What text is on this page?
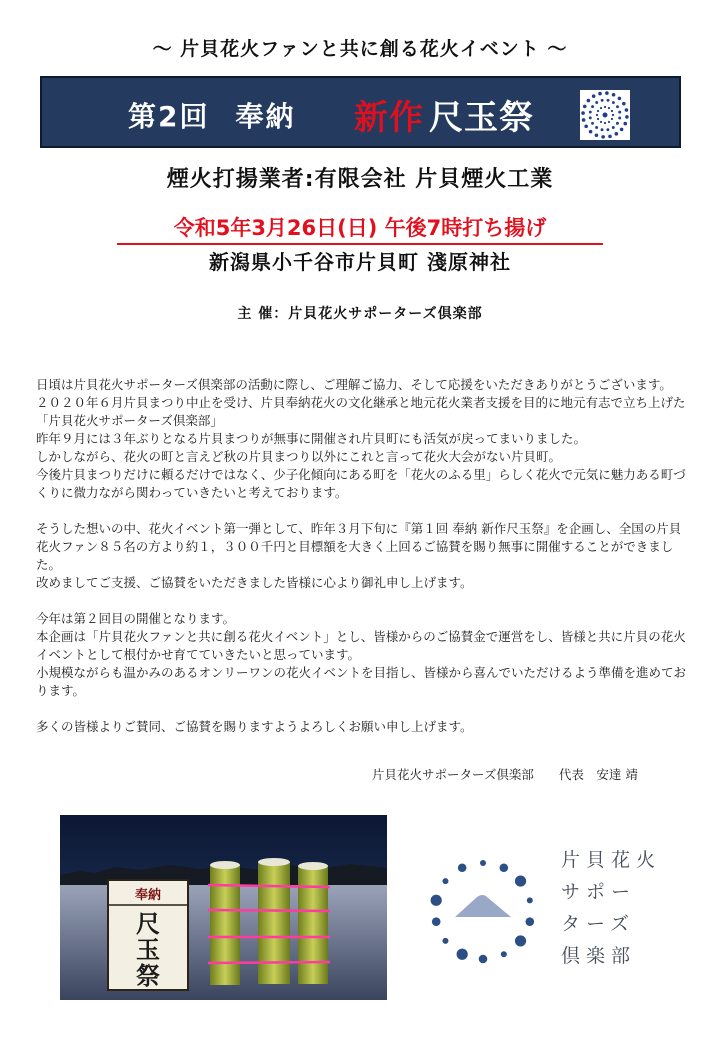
～ 片貝花火ファンと共に創る花火イベント ～
第2回 奉納 新作 尺玉祭
煙火打揚業者:有限会社 片貝煙火工業
令和5年3月26日(日) 午後7時打ち揚げ
新潟県小千谷市片貝町 淺原神社
主 催：片貝花火サポーターズ倶楽部

日頃は片貝花火サポーターズ倶楽部の活動に際し、ご理解ご協力、そして応援をいただきありがとうございます。

２０２０年６月片貝まつり中止を受け、片貝奉納花火の文化継承と地元花火業者支援を目的に地元有志で立ち上げた「片貝花火サポーターズ倶楽部」

昨年９月には３年ぶりとなる片貝まつりが無事に開催され片貝町にも活気が戻ってまいりました。

しかしながら、花火の町と言えど秋の片貝まつり以外にこれと言って花火大会がない片貝町。

今後片貝まつりだけに頼るだけではなく、少子化傾向にある町を「花火のふる里」らしく花火で元気に魅力ある町づくりに微力ながら関わっていきたいと考えております。

そうした想いの中、花火イベント第一弾として、昨年３月下旬に『第１回 奉納 新作尺玉祭』を企画し、全国の片貝花火ファン８５名の方より約１，３００千円と目標額を大きく上回るご協賛を賜り無事に開催することができました。

改めましてご支援、ご協賛をいただきました皆様に心より御礼申し上げます。

今年は第２回目の開催となります。

本企画は「片貝花火ファンと共に創る花火イベント」とし、皆様からのご協賛金で運営をし、皆様と共に片貝の花火イベントとして根付かせ育てていきたいと思っています。

小規模ながらも温かみのあるオンリーワンの花火イベントを目指し、皆様から喜んでいただけるよう準備を進めております。

多くの皆様よりご賛同、ご協賛を賜りますようよろしくお願い申し上げます。

片貝花火サポーターズ倶楽部　　代表　安達 靖
奉納
尺
玉
祭
片貝花火
サポー
ターズ
倶楽部
